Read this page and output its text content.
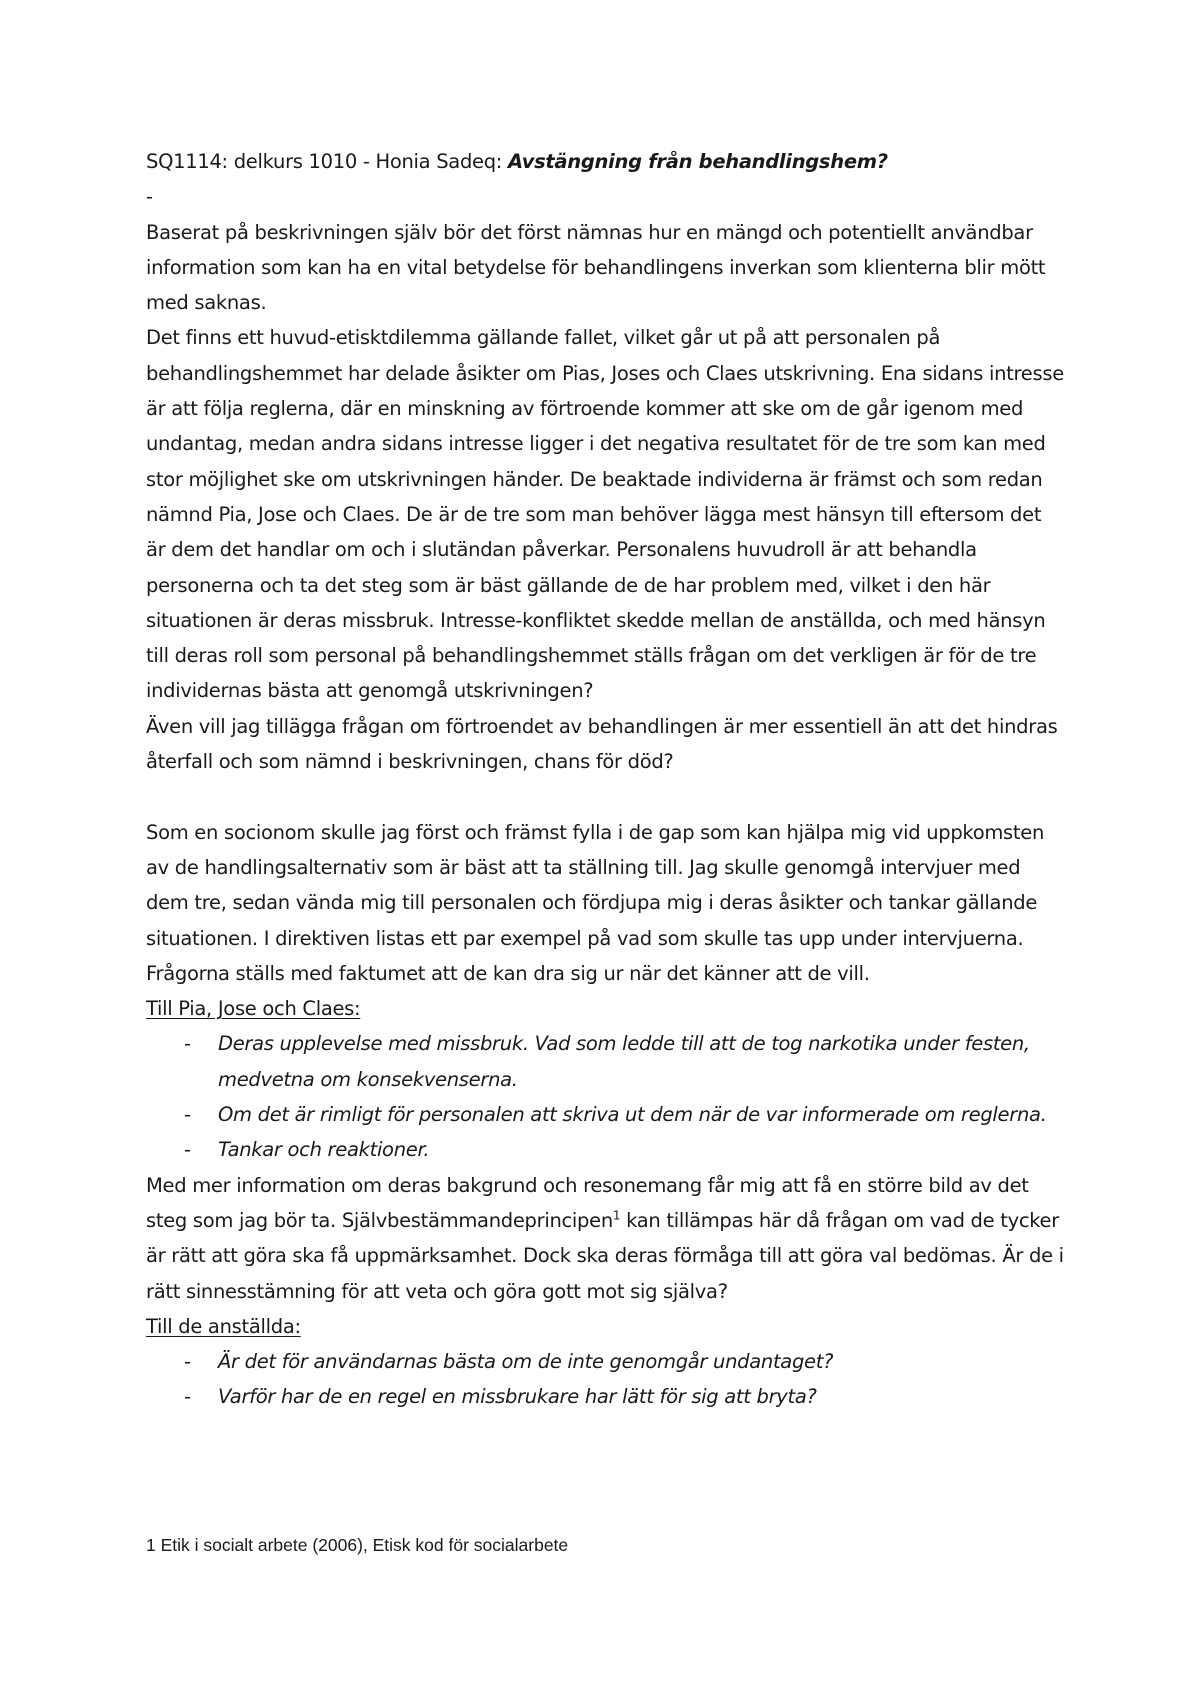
SQ1114: delkurs 1010 - Honia Sadeq: Avstängning från behandlingshem?

-

Baserat på beskrivningen själv bör det först nämnas hur en mängd och potentiellt användbar information som kan ha en vital betydelse för behandlingens inverkan som klienterna blir mött med saknas.

Det finns ett huvud-etisktdilemma gällande fallet, vilket går ut på att personalen på behandlingshemmet har delade åsikter om Pias, Joses och Claes utskrivning. Ena sidans intresse är att följa reglerna, där en minskning av förtroende kommer att ske om de går igenom med undantag, medan andra sidans intresse ligger i det negativa resultatet för de tre som kan med stor möjlighet ske om utskrivningen händer. De beaktade individerna är främst och som redan nämnd Pia, Jose och Claes. De är de tre som man behöver lägga mest hänsyn till eftersom det är dem det handlar om och i slutändan påverkar. Personalens huvudroll är att behandla personerna och ta det steg som är bäst gällande de de har problem med, vilket i den här situationen är deras missbruk. Intresse-konfliktet skedde mellan de anställda, och med hänsyn till deras roll som personal på behandlingshemmet ställs frågan om det verkligen är för de tre individernas bästa att genomgå utskrivningen?

Även vill jag tillägga frågan om förtroendet av behandlingen är mer essentiell än att det hindras återfall och som nämnd i beskrivningen, chans för död?

Som en socionom skulle jag först och främst fylla i de gap som kan hjälpa mig vid uppkomsten av de handlingsalternativ som är bäst att ta ställning till. Jag skulle genomgå intervjuer med dem tre, sedan vända mig till personalen och fördjupa mig i deras åsikter och tankar gällande situationen. I direktiven listas ett par exempel på vad som skulle tas upp under intervjuerna. Frågorna ställs med faktumet att de kan dra sig ur när det känner att de vill.

Till Pia, Jose och Claes:

- Deras upplevelse med missbruk. Vad som ledde till att de tog narkotika under festen, medvetna om konsekvenserna.
- Om det är rimligt för personalen att skriva ut dem när de var informerade om reglerna.
- Tankar och reaktioner.

Med mer information om deras bakgrund och resonemang får mig att få en större bild av det steg som jag bör ta. Självbestämmandeprincipen$^1$ kan tillämpas här då frågan om vad de tycker är rätt att göra ska få uppmärksamhet. Dock ska deras förmåga till att göra val bedömas. Är de i rätt sinnesstämning för att veta och göra gott mot sig själva?

Till de anställda:

- Är det för användarnas bästa om de inte genomgår undantaget?
- Varför har de en regel en missbrukare har lätt för sig att bryta?
1 Etik i socialt arbete (2006), Etisk kod för socialarbete
